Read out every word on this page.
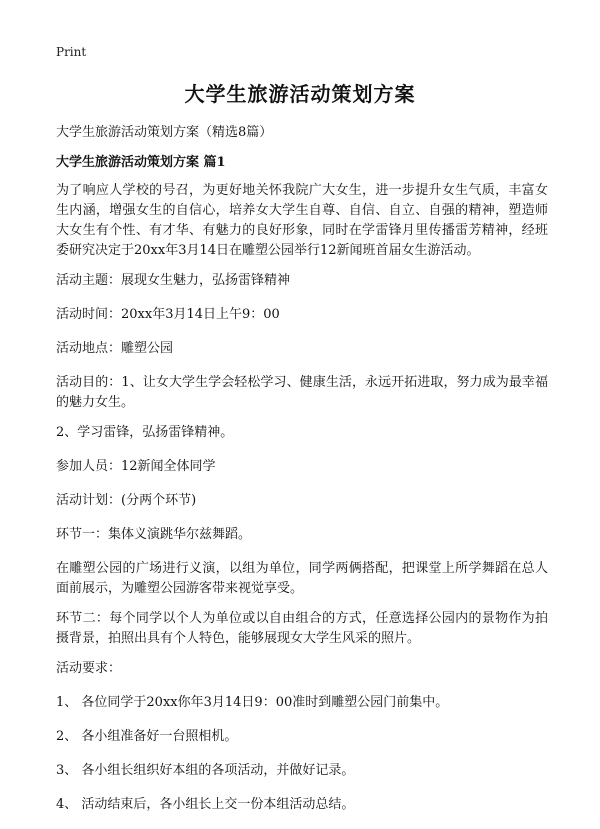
Print
大学生旅游活动策划方案
大学生旅游活动策划方案（精选8篇）
大学生旅游活动策划方案 篇1

为了响应人学校的号召，为更好地关怀我院广大女生，进一步提升女生气质，丰富女生内涵，增强女生的自信心，培养女大学生自尊、自信、自立、自强的精神，塑造师大女生有个性、有才华、有魅力的良好形象，同时在学雷锋月里传播雷芳精神，经班委研究决定于20xx年3月14日在雕塑公园举行12新闻班首届女生游活动。

活动主题：展现女生魅力，弘扬雷锋精神

活动时间：20xx年3月14日上午9：00

活动地点：雕塑公园

活动目的：1、让女大学生学会轻松学习、健康生活，永远开拓进取，努力成为最幸福的魅力女生。

2、学习雷锋，弘扬雷锋精神。

参加人员：12新闻全体同学

活动计划：(分两个环节)

环节一：集体义演跳华尔兹舞蹈。

在雕塑公园的广场进行义演，以组为单位，同学两俩搭配，把课堂上所学舞蹈在总人面前展示，为雕塑公园游客带来视觉享受。

环节二：每个同学以个人为单位或以自由组合的方式，任意选择公园内的景物作为拍摄背景，拍照出具有个人特色，能够展现女大学生风采的照片。

活动要求：

1、 各位同学于20xx你年3月14日9：00准时到雕塑公园门前集中。

2、 各小组准备好一台照相机。

3、 各小组长组织好本组的各项活动，并做好记录。

4、 活动结束后，各小组长上交一份本组活动总结。
